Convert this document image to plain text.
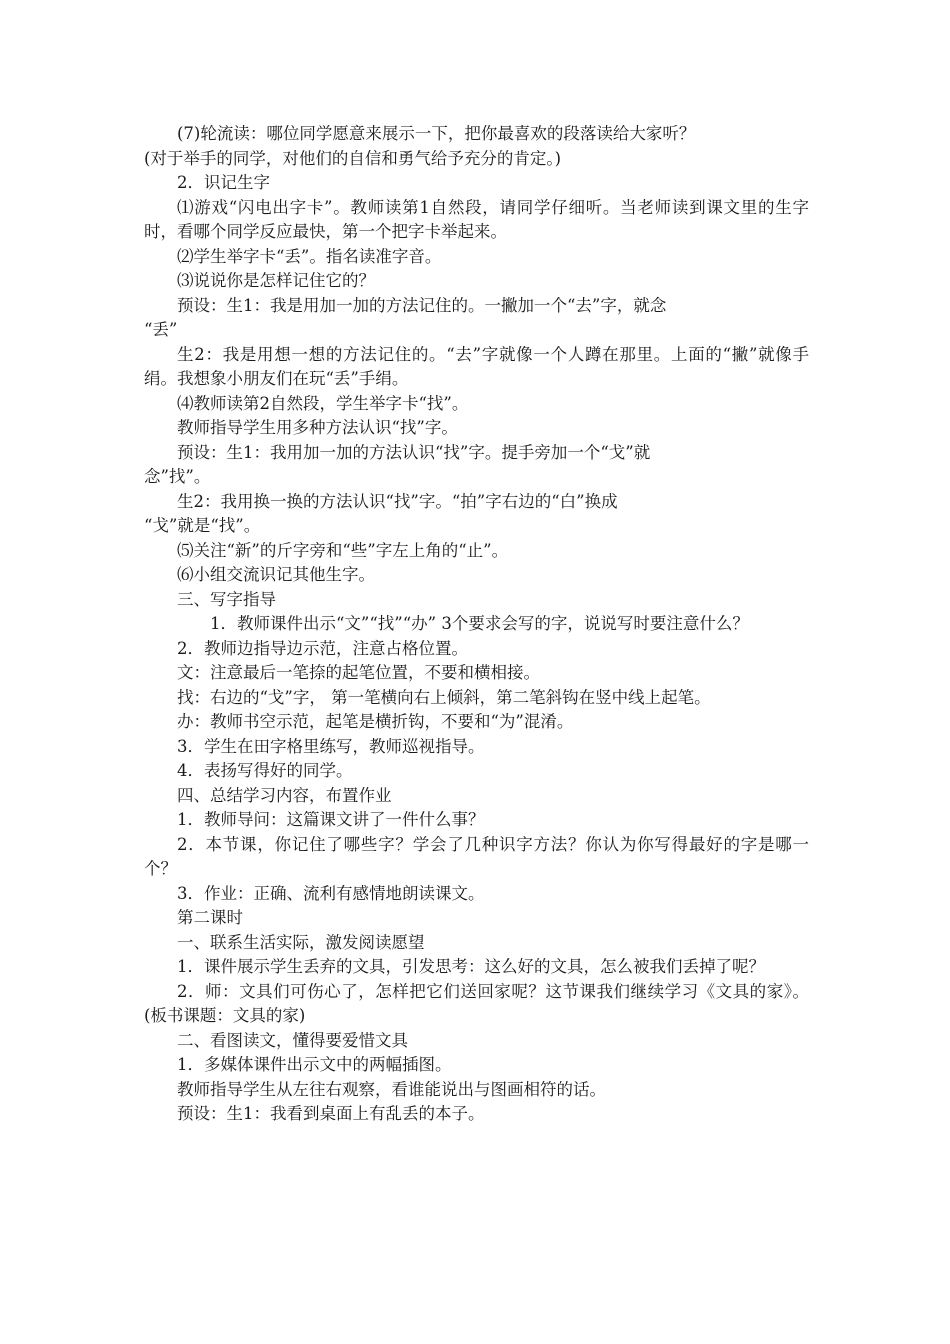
(7)轮流读：哪位同学愿意来展示一下，把你最喜欢的段落读给大家听？

(对于举手的同学，对他们的自信和勇气给予充分的肯定。)

2．识记生字

⑴游戏“闪电出字卡”。教师读第1自然段，请同学仔细听。当老师读到课文里的生字时，看哪个同学反应最快，第一个把字卡举起来。

⑵学生举字卡“丢”。指名读准字音。

⑶说说你是怎样记住它的？

预设：生1：我是用加一加的方法记住的。一撇加一个“去”字，就念

“丢”

生2：我是用想一想的方法记住的。“去”字就像一个人蹲在那里。上面的“撇”就像手绢。我想象小朋友们在玩“丢”手绢。

⑷教师读第2自然段，学生举字卡“找”。

教师指导学生用多种方法认识“找”字。

预设：生1：我用加一加的方法认识“找”字。提手旁加一个“戈”就

念”找”。

生2：我用换一换的方法认识“找”字。“拍”字右边的“白”换成

“戈”就是“找”。

⑸关注“新”的斤字旁和“些”字左上角的“止”。

⑹小组交流识记其他生字。

三、写字指导

1．教师课件出示“文”“找”“办” 3个要求会写的字，说说写时要注意什么？

2．教师边指导边示范，注意占格位置。

文：注意最后一笔捺的起笔位置，不要和横相接。

找：右边的“戈”字， 第一笔横向右上倾斜，第二笔斜钩在竖中线上起笔。

办：教师书空示范，起笔是横折钩，不要和“为”混淆。

3．学生在田字格里练写，教师巡视指导。

4．表扬写得好的同学。

四、总结学习内容，布置作业

1．教师导问：这篇课文讲了一件什么事？

2．本节课，你记住了哪些字？学会了几种识字方法？你认为你写得最好的字是哪一个？

3．作业：正确、流利有感情地朗读课文。

第二课时

一、联系生活实际，激发阅读愿望

1．课件展示学生丢弃的文具，引发思考：这么好的文具，怎么被我们丢掉了呢？

2．师：文具们可伤心了，怎样把它们送回家呢？这节课我们继续学习《文具的家》。(板书课题：文具的家)

二、看图读文，懂得要爱惜文具

1．多媒体课件出示文中的两幅插图。

教师指导学生从左往右观察，看谁能说出与图画相符的话。

预设：生1：我看到桌面上有乱丢的本子。
